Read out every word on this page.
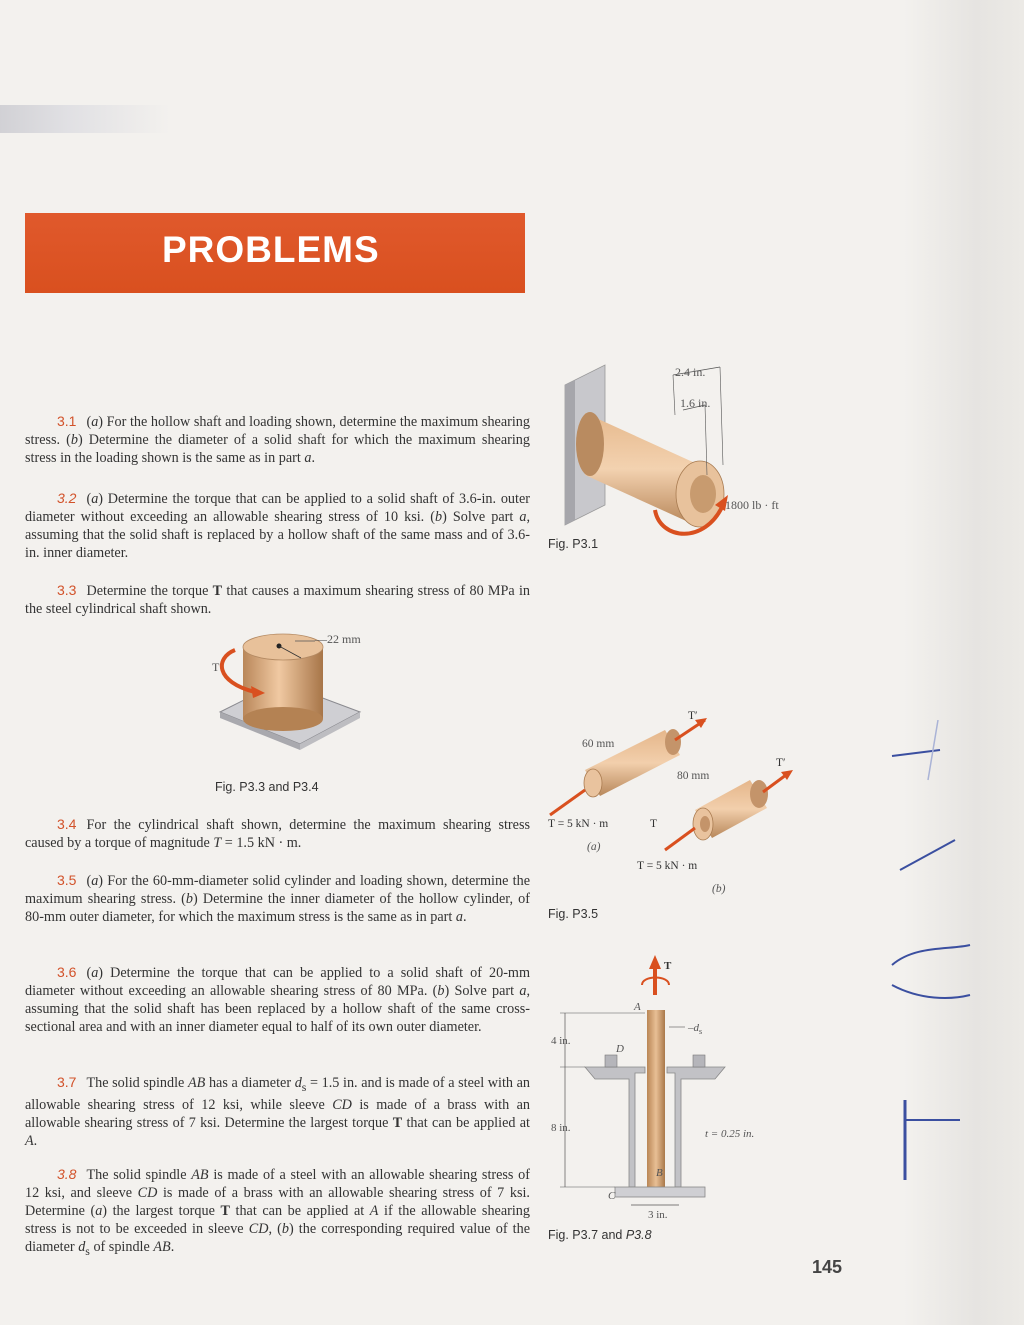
PROBLEMS
3.1 (a) For the hollow shaft and loading shown, determine the maximum shearing stress. (b) Determine the diameter of a solid shaft for which the maximum shearing stress in the loading shown is the same as in part a.
3.2 (a) Determine the torque that can be applied to a solid shaft of 3.6-in. outer diameter without exceeding an allowable shearing stress of 10 ksi. (b) Solve part a, assuming that the solid shaft is replaced by a hollow shaft of the same mass and of 3.6-in. inner diameter.
3.3 Determine the torque T that causes a maximum shearing stress of 80 MPa in the steel cylindrical shaft shown.
—22 mm
T
Fig. P3.3 and P3.4
3.4 For the cylindrical shaft shown, determine the maximum shearing stress caused by a torque of magnitude T = 1.5 kN · m.
3.5 (a) For the 60-mm-diameter solid cylinder and loading shown, determine the maximum shearing stress. (b) Determine the inner diameter of the hollow cylinder, of 80-mm outer diameter, for which the maximum stress is the same as in part a.
3.6 (a) Determine the torque that can be applied to a solid shaft of 20-mm diameter without exceeding an allowable shearing stress of 80 MPa. (b) Solve part a, assuming that the solid shaft has been replaced by a hollow shaft of the same cross-sectional area and with an inner diameter equal to half of its own outer diameter.
3.7 The solid spindle AB has a diameter $d_s = 1.5$ in. and is made of a steel with an allowable shearing stress of 12 ksi, while sleeve CD is made of a brass with an allowable shearing stress of 7 ksi. Determine the largest torque T that can be applied at A.
3.8 The solid spindle AB is made of a steel with an allowable shearing stress of 12 ksi, and sleeve CD is made of a brass with an allowable shearing stress of 7 ksi. Determine (a) the largest torque T that can be applied at A if the allowable shearing stress is not to be exceeded in sleeve CD, (b) the corresponding required value of the diameter $d_s$ of spindle AB.
2.4 in.
1.6 in.
1800 lb · ft
Fig. P3.1
60 mm
80 mm
T′
T′
T = 5 kN · m	T
T = 5 kN · m
(a)
(b)
Fig. P3.5
T
A
D
B
C
$-d_s$
4 in.
8 in.	t = 0.25 in.
3 in.
Fig. P3.7 and P3.8
145
